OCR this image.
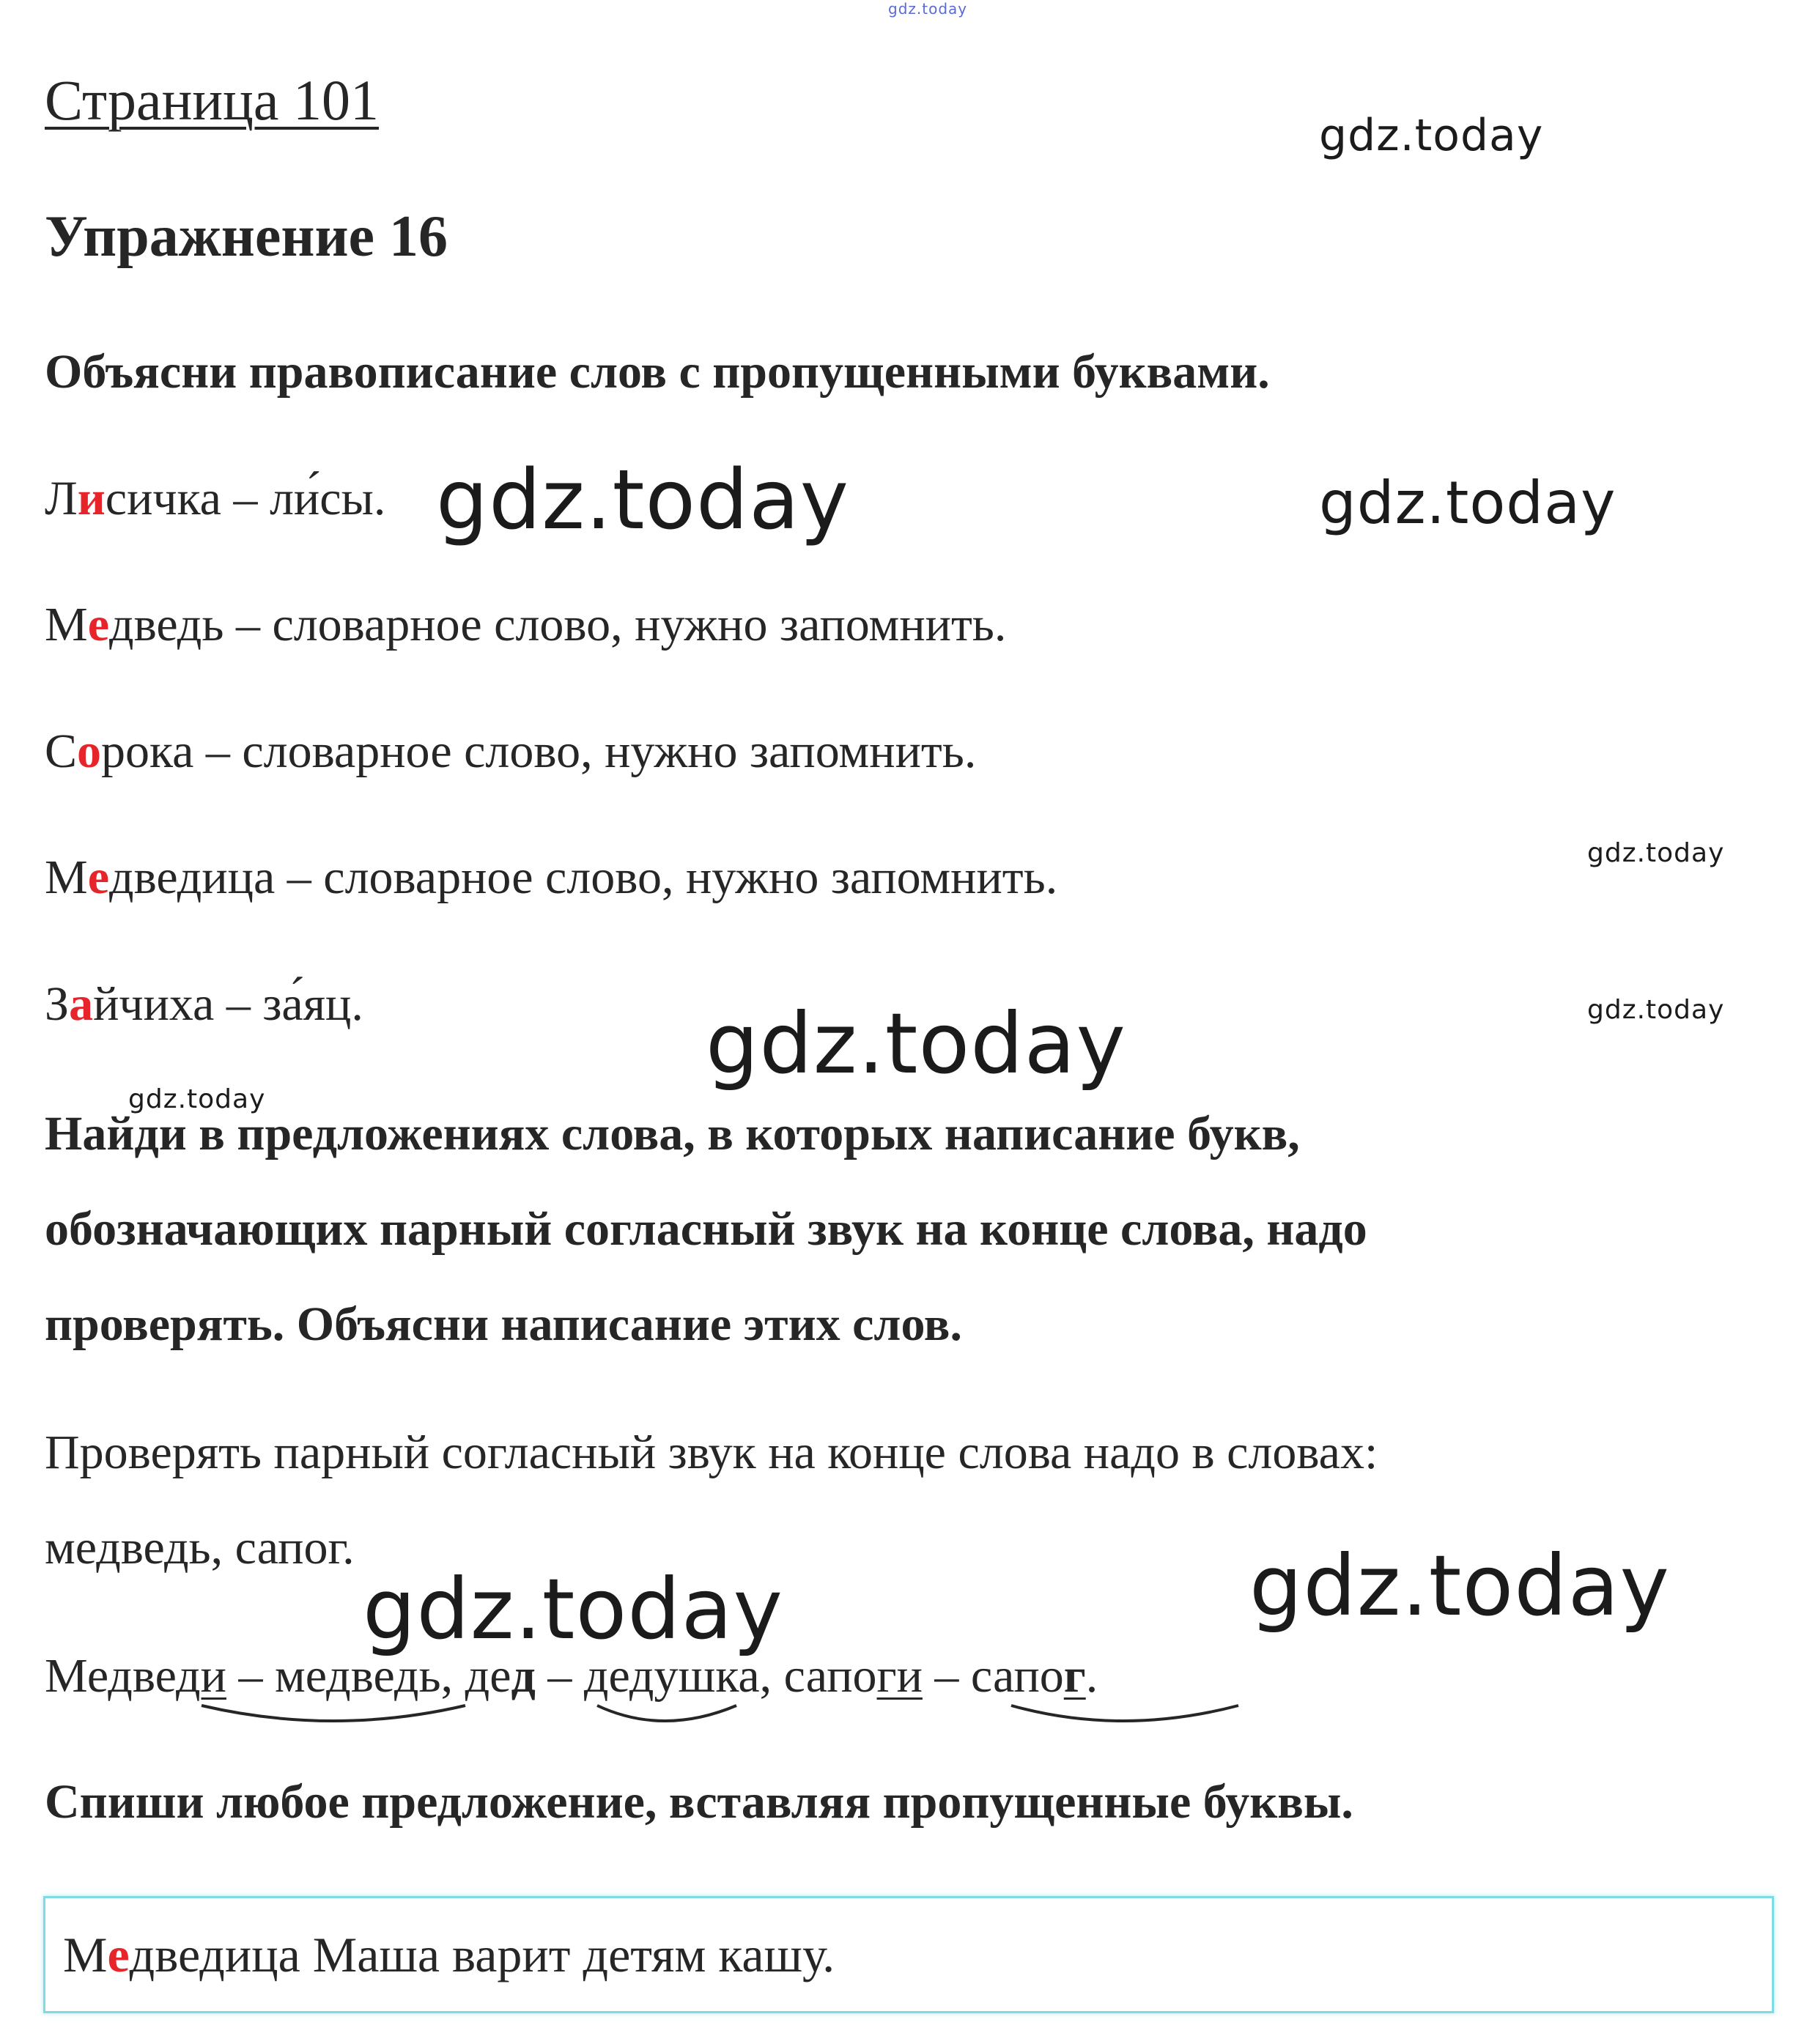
gdz.today
gdz.today
gdz.today	gdz.today
gdz.today
gdz.today
gdz.today
gdz.today
gdz.today	gdz.today
Страница 101
Упражнение 16
Объясни правописание слов с пропущенными буквами.
Лисичка – ли́сы.
Медведь – словарное слово, нужно запомнить.
Сорока – словарное слово, нужно запомнить.
Медведица – словарное слово, нужно запомнить.
Зайчиха – за́яц.
Найди в предложениях слова, в которых написание букв,
обозначающих парный согласный звук на конце слова, надо
проверять. Объясни написание этих слов.
Проверять парный согласный звук на конце слова надо в словах:
медведь, сапог.
Медведи – медведь, дед – дедушка, сапоги – сапог.
Спиши любое предложение, вставляя пропущенные буквы.
Медведица Маша варит детям кашу.
